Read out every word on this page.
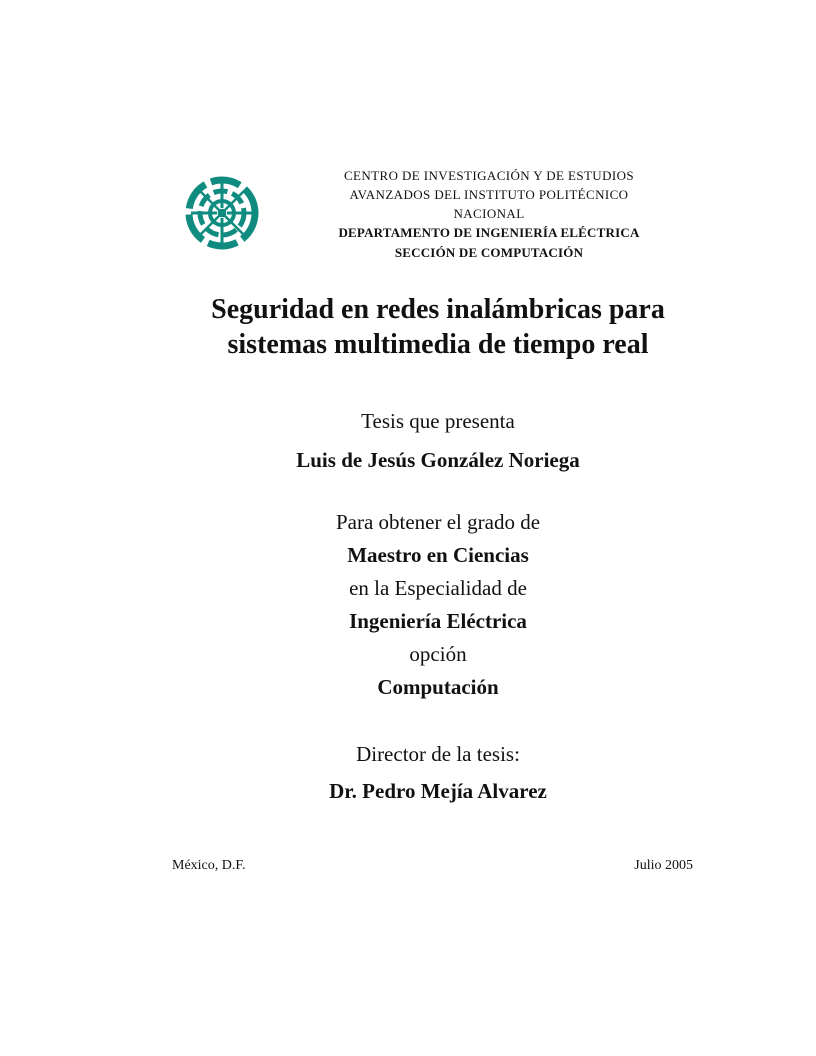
CENTRO DE INVESTIGACIÓN Y DE ESTUDIOS
AVANZADOS DEL INSTITUTO POLITÉCNICO
NACIONAL
DEPARTAMENTO DE INGENIERÍA ELÉCTRICA
SECCIÓN DE COMPUTACIÓN
Seguridad en redes inalámbricas para
sistemas multimedia de tiempo real
Tesis que presenta
Luis de Jesús González Noriega
Para obtener el grado de
Maestro en Ciencias
en la Especialidad de
Ingeniería Eléctrica
opción
Computación
Director de la tesis:
Dr. Pedro Mejía Alvarez
México, D.F.	Julio 2005
